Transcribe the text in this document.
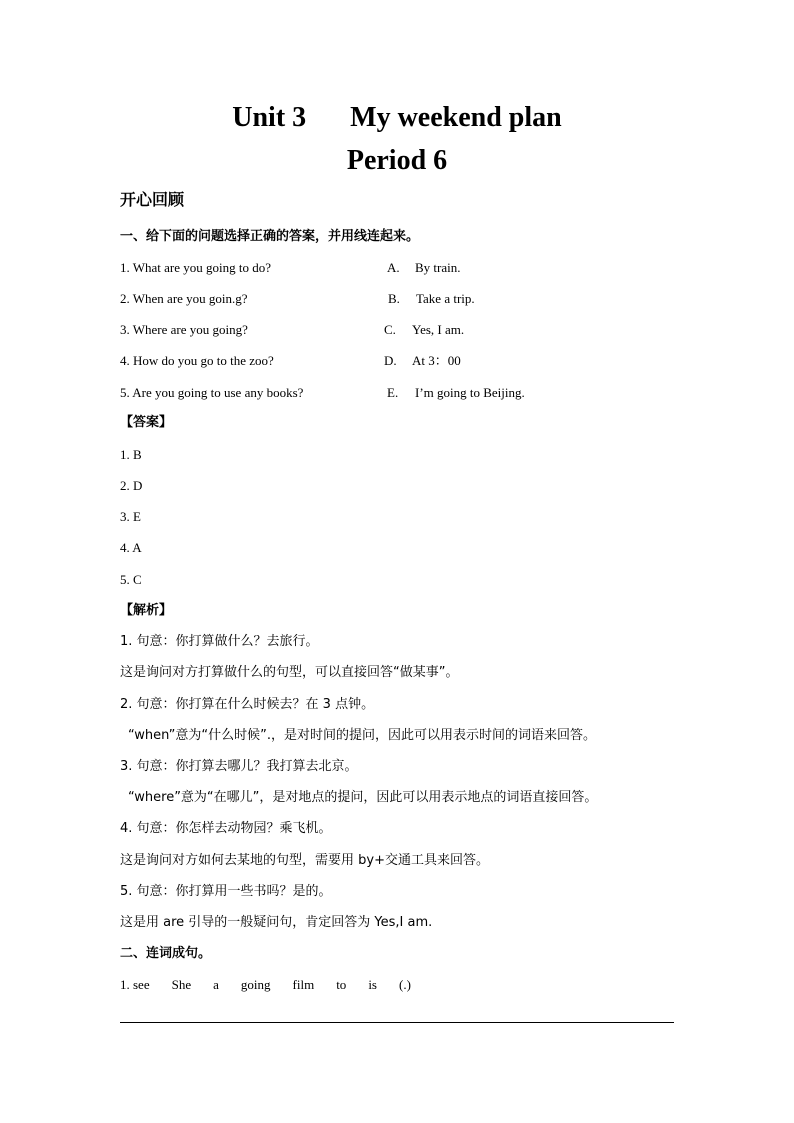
Unit 3 My weekend plan
Period 6
开心回顾
一、给下面的问题选择正确的答案，并用线连起来。
1. What are you going to do?
2. When are you goin.g?
3. Where are you going?
4. How do you go to the zoo?
5. Are you going to use any books?
A. By train.
B. Take a trip.
C. Yes, I am.
D. At 3：00
E. I’m going to Beijing.
【答案】
1. B
2. D
3. E
4. A
5. C
【解析】
1. 句意：你打算做什么？去旅行。
这是询问对方打算做什么的句型，可以直接回答“做某事”。
2. 句意：你打算在什么时候去？在 3 点钟。
“when”意为“什么时候”.，是对时间的提问，因此可以用表示时间的词语来回答。
3. 句意：你打算去哪儿？我打算去北京。
“where”意为“在哪儿”，是对地点的提问，因此可以用表示地点的词语直接回答。
4. 句意：你怎样去动物园？乘飞机。
这是询问对方如何去某地的句型，需要用 by+交通工具来回答。
5. 句意：你打算用一些书吗？是的。
这是用 are 引导的一般疑问句，肯定回答为 Yes,I am.
二、连词成句。
1. see She a going film to is (.)
